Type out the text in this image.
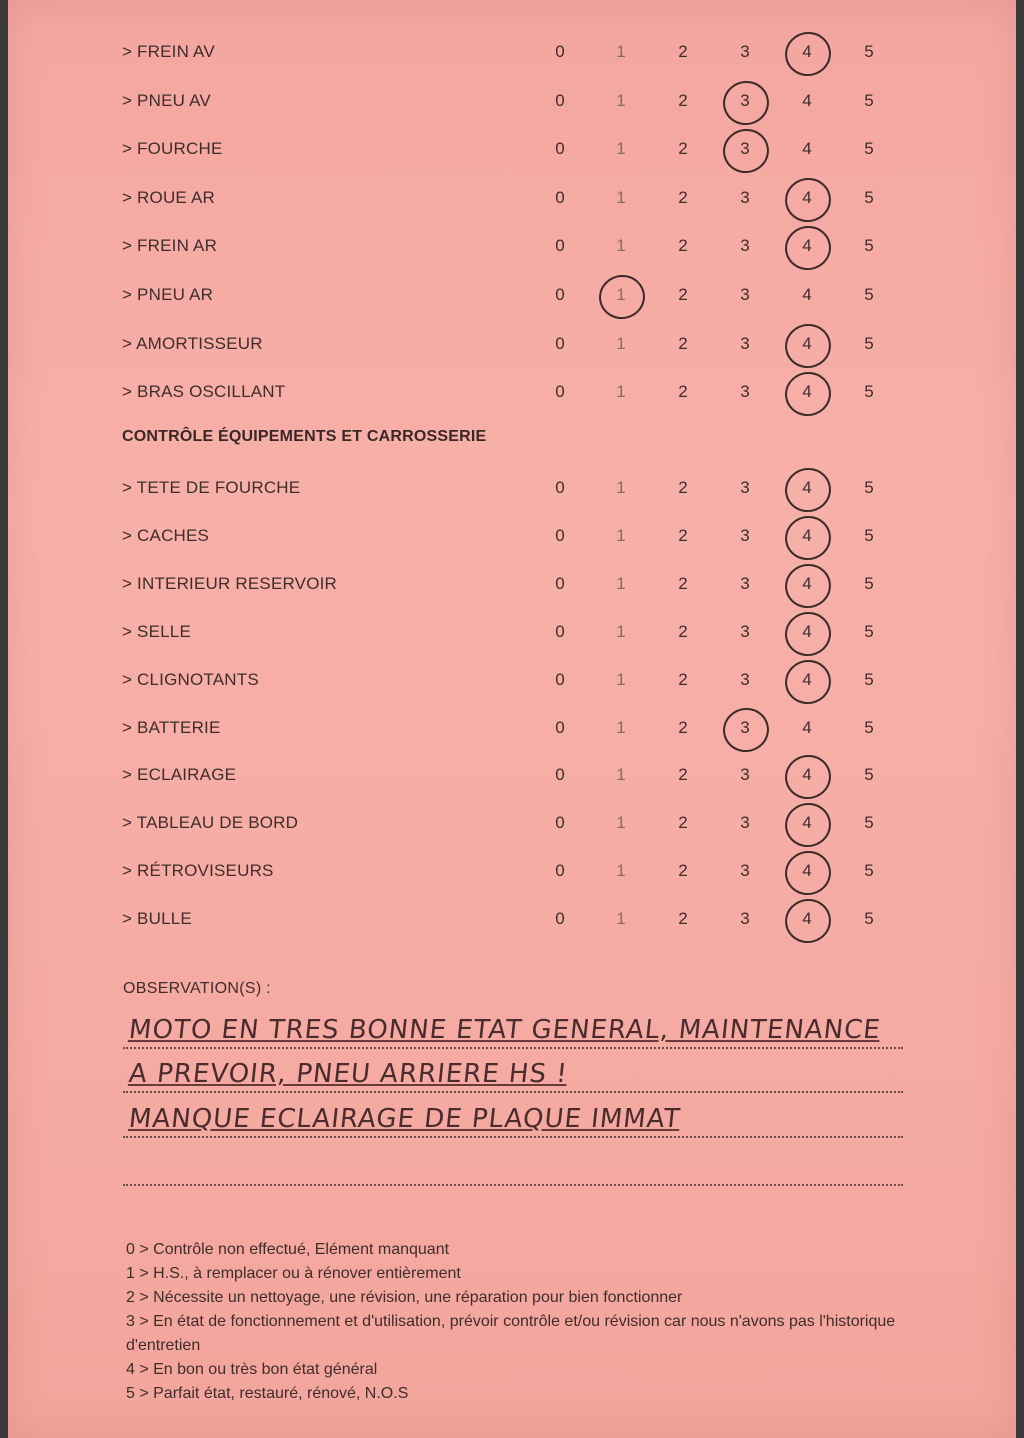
> FREIN AV	0	1	2	3	4	5
> PNEU AV	0	1	2	3	4	5
> FOURCHE	0	1	2	3	4	5
> ROUE AR	0	1	2	3	4	5
> FREIN AR	0	1	2	3	4	5
> PNEU AR	0	1	2	3	4	5
> AMORTISSEUR	0	1	2	3	4	5
> BRAS OSCILLANT	0	1	2	3	4	5
CONTRÔLE ÉQUIPEMENTS ET CARROSSERIE
> TETE DE FOURCHE	0	1	2	3	4	5
> CACHES	0	1	2	3	4	5
> INTERIEUR RESERVOIR	0	1	2	3	4	5
> SELLE	0	1	2	3	4	5
> CLIGNOTANTS	0	1	2	3	4	5
> BATTERIE	0	1	2	3	4	5
> ECLAIRAGE	0	1	2	3	4	5
> TABLEAU DE BORD	0	1	2	3	4	5
> RÉTROVISEURS	0	1	2	3	4	5
> BULLE	0	1	2	3	4	5
OBSERVATION(S) :
MOTO EN TRES BONNE ETAT GENERAL, MAINTENANCE
A PREVOIR, PNEU ARRIERE HS !
MANQUE ECLAIRAGE DE PLAQUE IMMAT
0 > Contrôle non effectué, Elément manquant
1 > H.S., à remplacer ou à rénover entièrement
2 > Nécessite un nettoyage, une révision, une réparation pour bien fonctionner
3 > En état de fonctionnement et d'utilisation, prévoir contrôle et/ou révision car nous n'avons pas l'historique d'entretien
4 > En bon ou très bon état général
5 > Parfait état, restauré, rénové, N.O.S
